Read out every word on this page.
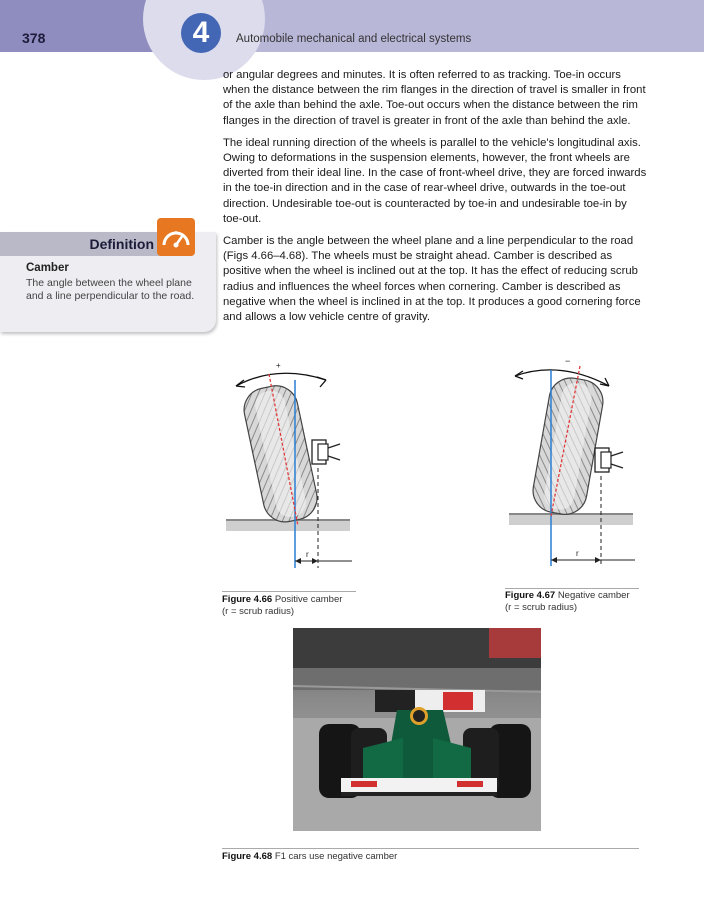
378	4	Automobile mechanical and electrical systems

or angular degrees and minutes. It is often referred to as tracking. Toe-in occurs when the distance between the rim flanges in the direction of travel is smaller in front of the axle than behind the axle. Toe-out occurs when the distance between the rim flanges in the direction of travel is greater in front of the axle than behind the axle.

The ideal running direction of the wheels is parallel to the vehicle's longitudinal axis. Owing to deformations in the suspension elements, however, the front wheels are diverted from their ideal line. In the case of front-wheel drive, they are forced inwards in the toe-in direction and in the case of rear-wheel drive, outwards in the toe-out direction. Undesirable toe-out is counteracted by toe-in and undesirable toe-in by toe-out.

Camber is the angle between the wheel plane and a line perpendicular to the road (Figs 4.66–4.68). The wheels must be straight ahead. Camber is described as positive when the wheel is inclined out at the top. It has the effect of reducing scrub radius and influences the wheel forces when cornering. Camber is described as negative when the wheel is inclined in at the top. It produces a good cornering force and allows a low vehicle centre of gravity.

Definition
Camber
The angle between the wheel plane and a line perpendicular to the road.
r
+
Figure 4.66 Positive camber
(r = scrub radius)
r
−
Figure 4.67 Negative camber
(r = scrub radius)
Figure 4.68 F1 cars use negative camber
